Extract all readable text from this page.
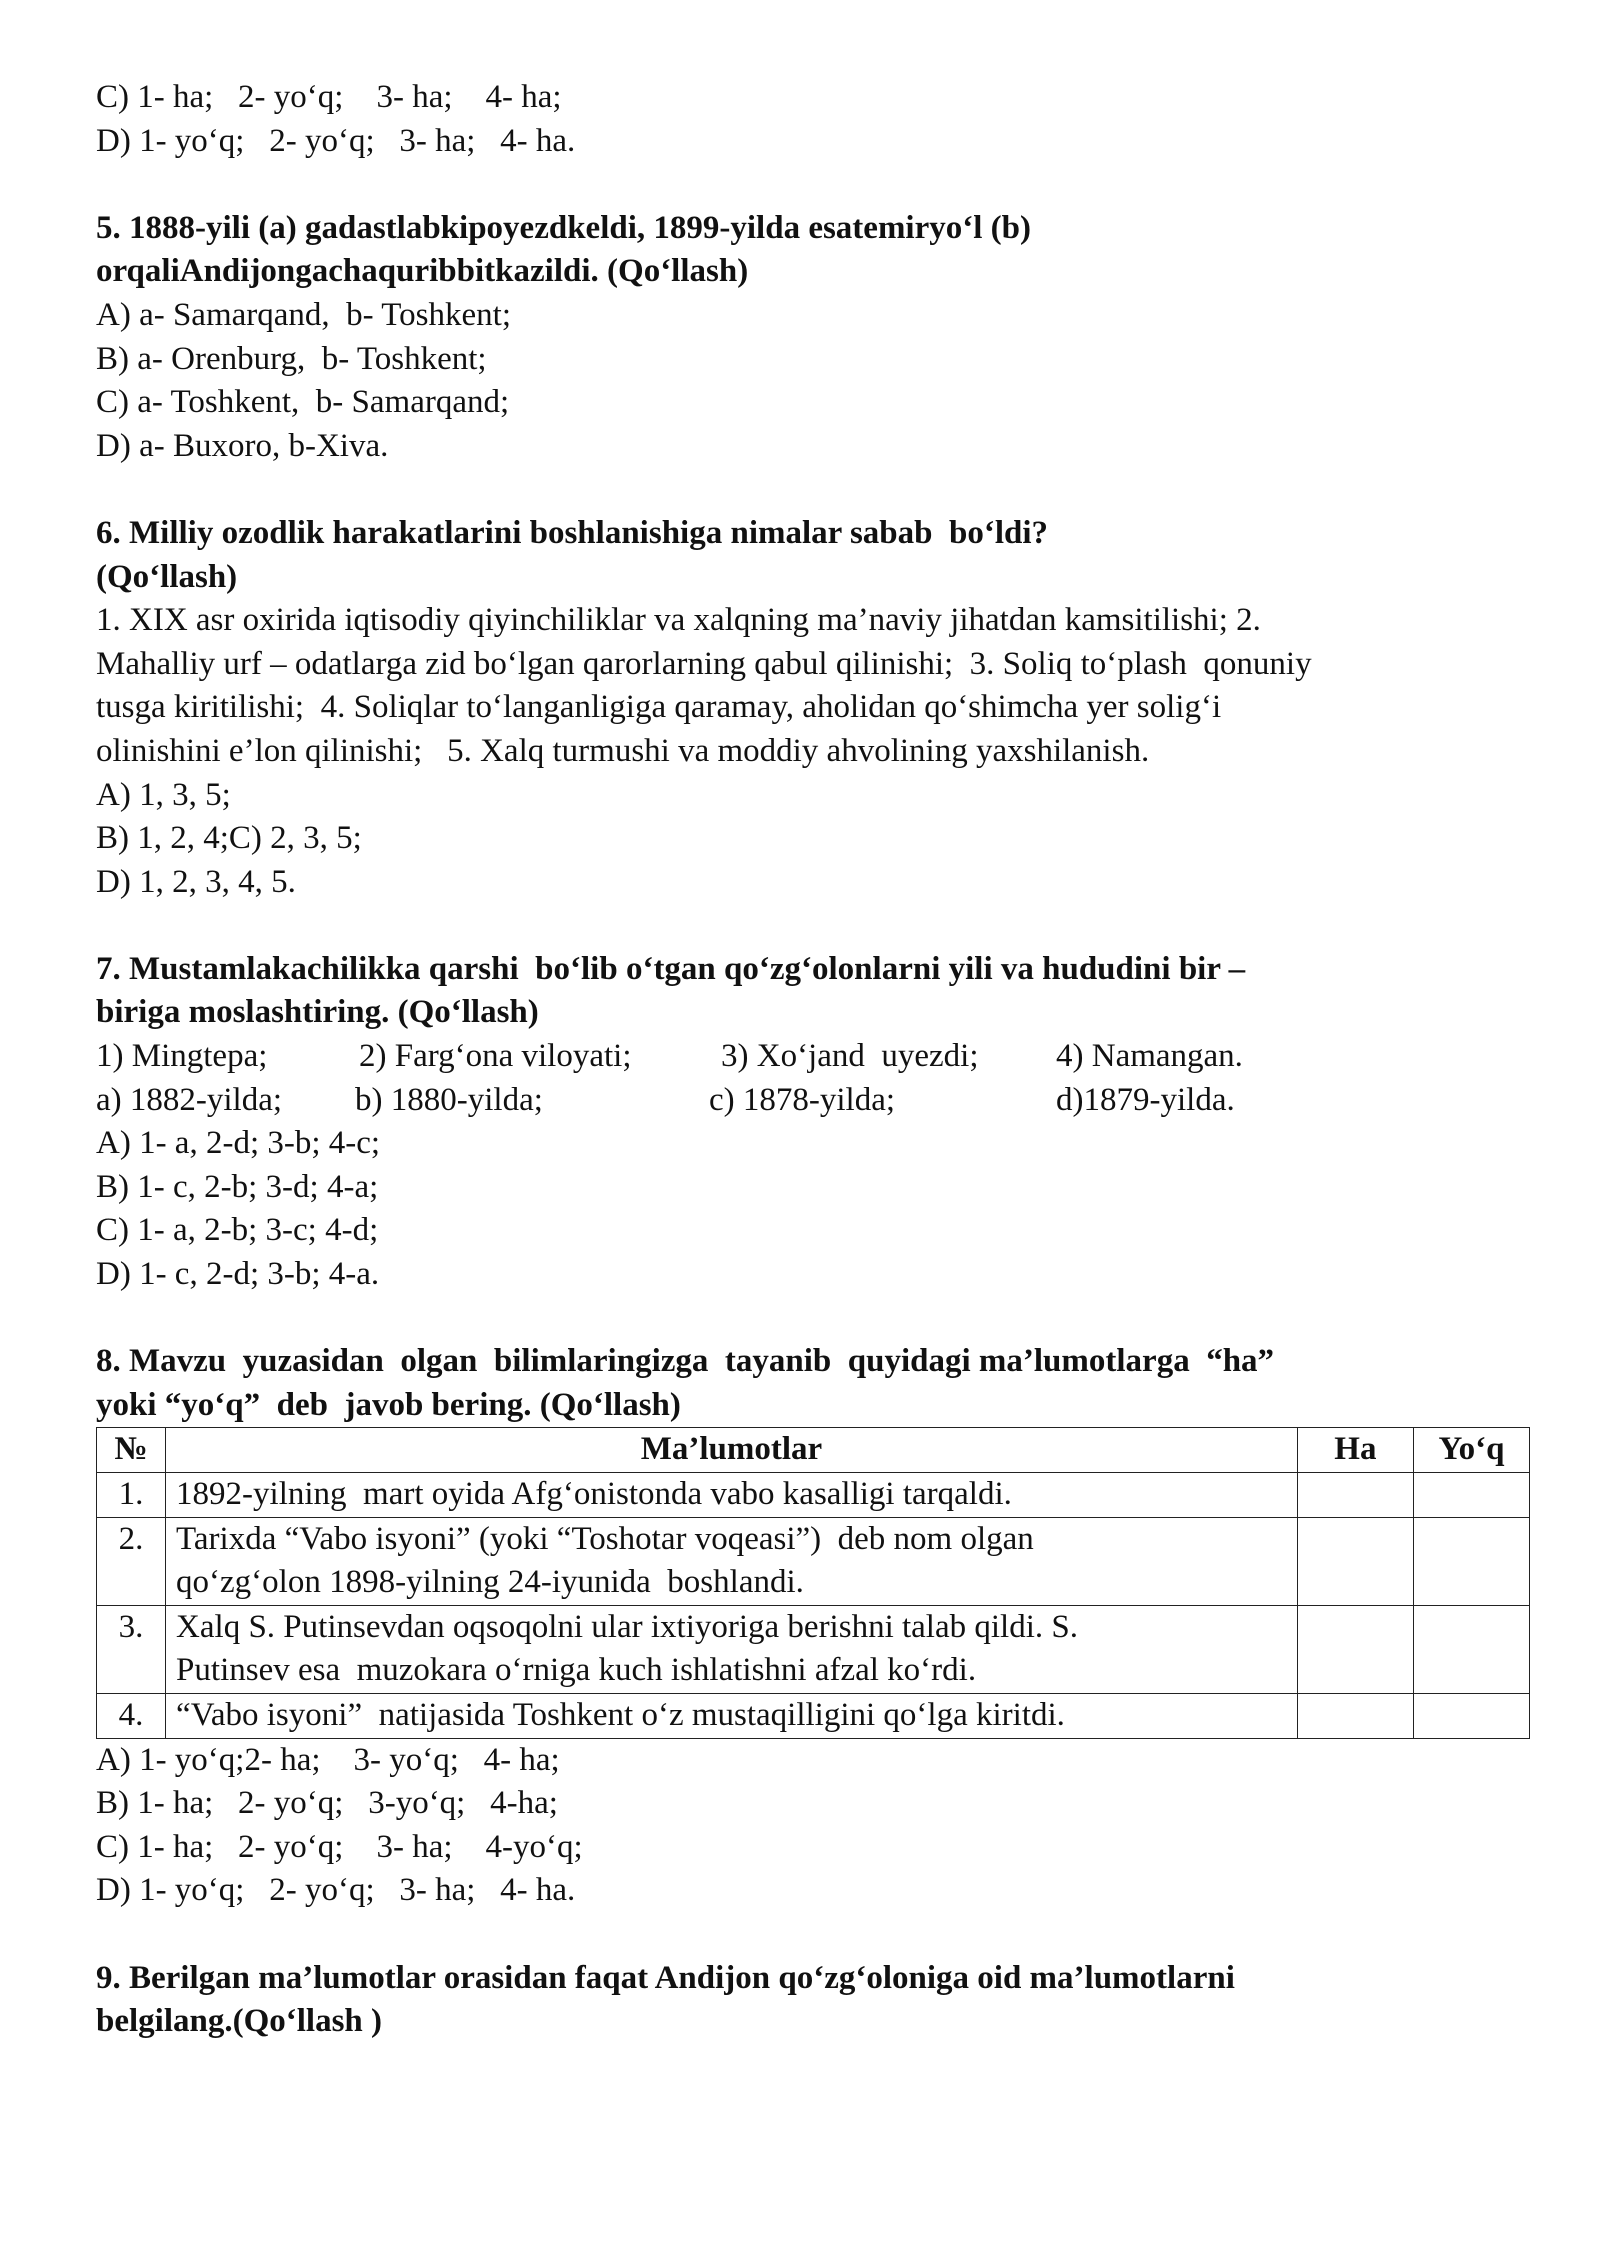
C) 1- ha;   2- yo‘q;    3- ha;    4- ha;
D) 1- yo‘q;   2- yo‘q;   3- ha;   4- ha.
5. 1888-yili (a) gadastlabkipoyezdkeldi, 1899-yilda esatemiryo‘l (b)
orqaliAndijongachaquribbitkazildi. (Qo‘llash)
A) a- Samarqand,  b- Toshkent;
B) a- Orenburg,  b- Toshkent;
C) a- Toshkent,  b- Samarqand;
D) a- Buxoro, b-Xiva.
6. Milliy ozodlik harakatlarini boshlanishiga nimalar sabab  bo‘ldi?
(Qo‘llash)
1. XIX asr oxirida iqtisodiy qiyinchiliklar va xalqning ma’naviy jihatdan kamsitilishi; 2.
Mahalliy urf – odatlarga zid bo‘lgan qarorlarning qabul qilinishi;  3. Soliq to‘plash  qonuniy
tusga kiritilishi;  4. Soliqlar to‘langanligiga qaramay, aholidan qo‘shimcha yer solig‘i
olinishini e’lon qilinishi;   5. Xalq turmushi va moddiy ahvolining yaxshilanish.
A) 1, 3, 5;
B) 1, 2, 4;C) 2, 3, 5;
D) 1, 2, 3, 4, 5.
7. Mustamlakachilikka qarshi  bo‘lib o‘tgan qo‘zg‘olonlarni yili va hududini bir –
biriga moslashtiring. (Qo‘llash)
1) Mingtepa;	2) Farg‘ona viloyati;	3) Xo‘jand  uyezdi;	4) Namangan.
a) 1882-yilda;	b) 1880-yilda;	c) 1878-yilda;	d)1879-yilda.
A) 1- a, 2-d; 3-b; 4-c;
B) 1- c, 2-b; 3-d; 4-a;
C) 1- a, 2-b; 3-c; 4-d;
D) 1- c, 2-d; 3-b; 4-a.
8. Mavzu  yuzasidan  olgan  bilimlaringizga  tayanib  quyidagi ma’lumotlarga  “ha”
yoki “yo‘q”  deb  javob bering. (Qo‘llash)
№	Ma’lumotlar	Ha	Yo‘q
1.	1892-yilning  mart oyida Afg‘onistonda vabo kasalligi tarqaldi.		

2.	Tarixda “Vabo isyoni” (yoki “Toshotar voqeasi”)  deb nom olgan
qo‘zg‘olon 1898-yilning 24-iyunida  boshlandi.		

3.	Xalq S. Putinsevdan oqsoqolni ular ixtiyoriga berishni talab qildi. S.
Putinsev esa  muzokara o‘rniga kuch ishlatishni afzal ko‘rdi.		

4.	“Vabo isyoni”  natijasida Toshkent o‘z mustaqilligini qo‘lga kiritdi.		

A) 1- yo‘q;2- ha;    3- yo‘q;   4- ha;
B) 1- ha;   2- yo‘q;   3-yo‘q;   4-ha;
C) 1- ha;   2- yo‘q;    3- ha;    4-yo‘q;
D) 1- yo‘q;   2- yo‘q;   3- ha;   4- ha.
9. Berilgan ma’lumotlar orasidan faqat Andijon qo‘zg‘oloniga oid ma’lumotlarni
belgilang.(Qo‘llash )
